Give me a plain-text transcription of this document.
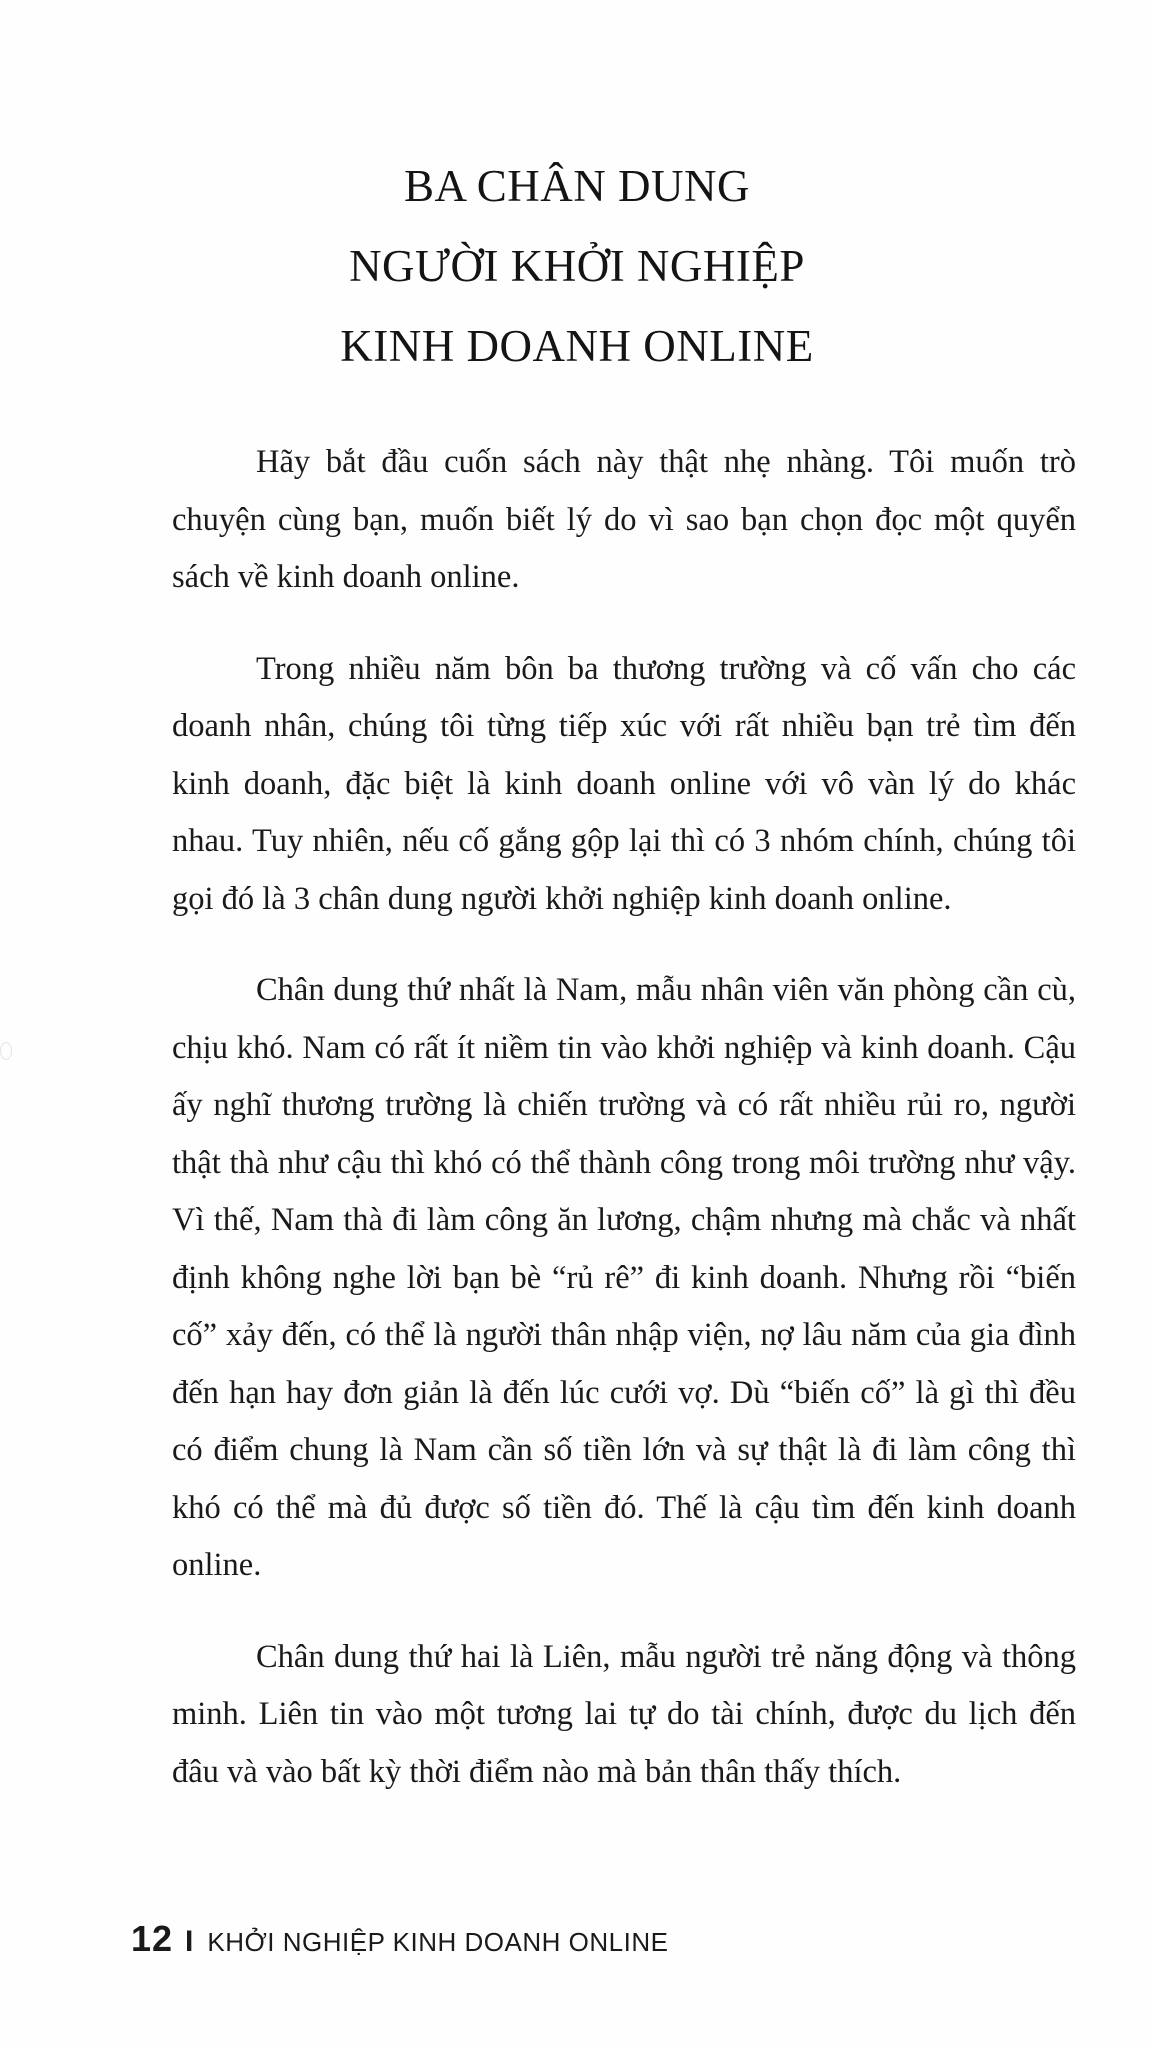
BA CHÂN DUNG
NGƯỜI KHỞI NGHIỆP
KINH DOANH ONLINE

Hãy bắt đầu cuốn sách này thật nhẹ nhàng. Tôi muốn trò chuyện cùng bạn, muốn biết lý do vì sao bạn chọn đọc một quyển sách về kinh doanh online.

Trong nhiều năm bôn ba thương trường và cố vấn cho các doanh nhân, chúng tôi từng tiếp xúc với rất nhiều bạn trẻ tìm đến kinh doanh, đặc biệt là kinh doanh online với vô vàn lý do khác nhau. Tuy nhiên, nếu cố gắng gộp lại thì có 3 nhóm chính, chúng tôi gọi đó là 3 chân dung người khởi nghiệp kinh doanh online.

Chân dung thứ nhất là Nam, mẫu nhân viên văn phòng cần cù, chịu khó. Nam có rất ít niềm tin vào khởi nghiệp và kinh doanh. Cậu ấy nghĩ thương trường là chiến trường và có rất nhiều rủi ro, người thật thà như cậu thì khó có thể thành công trong môi trường như vậy. Vì thế, Nam thà đi làm công ăn lương, chậm nhưng mà chắc và nhất định không nghe lời bạn bè “rủ rê” đi kinh doanh. Nhưng rồi “biến cố” xảy đến, có thể là người thân nhập viện, nợ lâu năm của gia đình đến hạn hay đơn giản là đến lúc cưới vợ. Dù “biến cố” là gì thì đều có điểm chung là Nam cần số tiền lớn và sự thật là đi làm công thì khó có thể mà đủ được số tiền đó. Thế là cậu tìm đến kinh doanh online.

Chân dung thứ hai là Liên, mẫu người trẻ năng động và thông minh. Liên tin vào một tương lai tự do tài chính, được du lịch đến đâu và vào bất kỳ thời điểm nào mà bản thân thấy thích.

12 I KHỞI NGHIỆP KINH DOANH ONLINE
